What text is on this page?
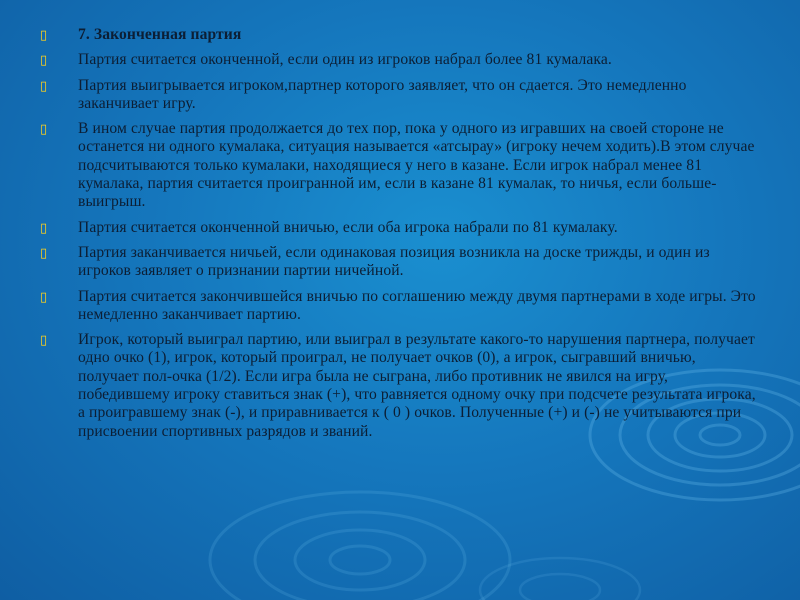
▯	7. Законченная партия
▯	Партия считается оконченной, если один из игроков набрал более 81 кумалака.
▯	Партия выигрывается игроком,партнер которого заявляет, что он сдается. Это немедленно заканчивает игру.
▯	В ином случае партия продолжается до тех пор, пока у одного из игравших на своей стороне не останется ни одного кумалака, ситуация называется «атсырау» (игроку нечем ходить).В этом случае подсчитываются только кумалаки, находящиеся у него в казане. Если игрок набрал менее 81 кумалака, партия считается проигранной им, если в казане 81 кумалак, то ничья, если больше- выигрыш.
▯	Партия считается оконченной вничью, если оба игрока набрали по 81 кумалаку.
▯	Партия заканчивается ничьей, если одинаковая позиция возникла на доске трижды, и один из игроков заявляет о признании партии ничейной.
▯	Партия считается закончившейся вничью по соглашению между двумя партнерами в ходе игры. Это немедленно заканчивает партию.
▯	Игрок, который выиграл партию, или выиграл в результате какого-то нарушения партнера, получает одно очко (1), игрок, который проиграл, не получает очков (0), а игрок, сыгравший вничью, получает пол-очка (1/2). Если игра была не сыграна, либо противник не явился на игру, победившему игроку ставиться знак (+), что равняется одному очку при подсчете результата игрока, а проигравшему знак (-), и приравнивается к ( 0 ) очков. Полученные (+) и (-) не учитываются при присвоении спортивных разрядов и званий.
